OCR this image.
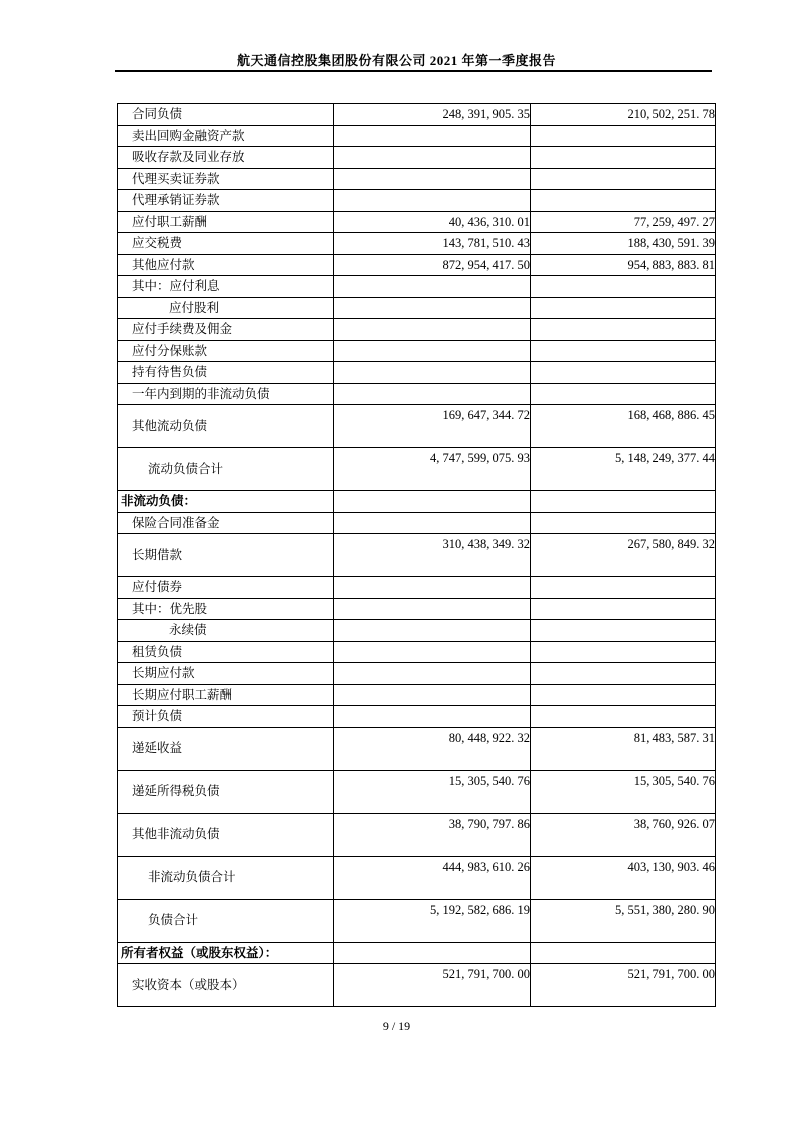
航天通信控股集团股份有限公司 2021 年第一季度报告
合同负债	248, 391, 905. 35	210, 502, 251. 78
卖出回购金融资产款		
吸收存款及同业存放		
代理买卖证券款		
代理承销证券款		
应付职工薪酬	40, 436, 310. 01	77, 259, 497. 27
应交税费	143, 781, 510. 43	188, 430, 591. 39
其他应付款	872, 954, 417. 50	954, 883, 883. 81
其中：应付利息		
应付股利		
应付手续费及佣金		
应付分保账款		
持有待售负债		
一年内到期的非流动负债		
其他流动负债	169, 647, 344. 72	168, 468, 886. 45
流动负债合计	4, 747, 599, 075. 93	5, 148, 249, 377. 44
非流动负债：		
保险合同准备金		
长期借款	310, 438, 349. 32	267, 580, 849. 32
应付债券		
其中：优先股		
永续债		
租赁负债		
长期应付款		
长期应付职工薪酬		
预计负债		
递延收益	80, 448, 922. 32	81, 483, 587. 31
递延所得税负债	15, 305, 540. 76	15, 305, 540. 76
其他非流动负债	38, 790, 797. 86	38, 760, 926. 07
非流动负债合计	444, 983, 610. 26	403, 130, 903. 46
负债合计	5, 192, 582, 686. 19	5, 551, 380, 280. 90
所有者权益（或股东权益）：		
实收资本（或股本）	521, 791, 700. 00	521, 791, 700. 00
9 / 19
